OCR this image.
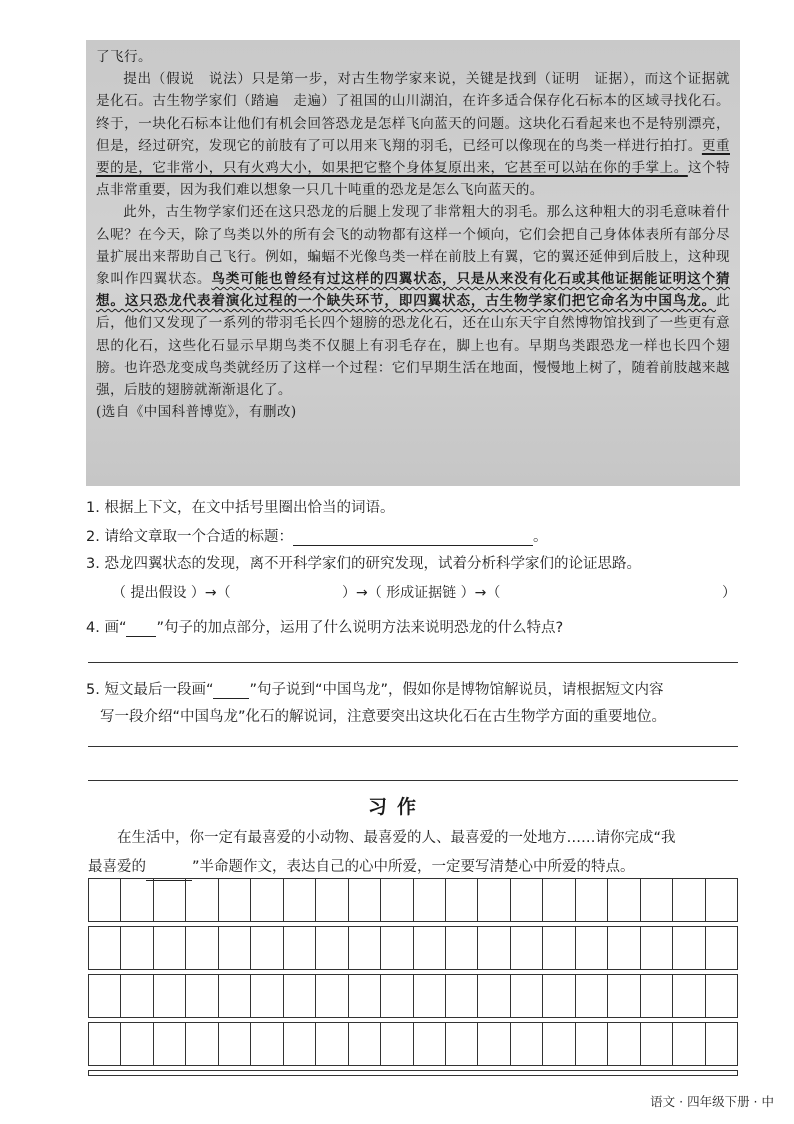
了飞行。

提出（假说　说法）只是第一步，对古生物学家来说，关键是找到（证明　证据），而这个证据就是化石。古生物学家们（踏遍　走遍）了祖国的山川湖泊，在许多适合保存化石标本的区域寻找化石。终于，一块化石标本让他们有机会回答恐龙是怎样飞向蓝天的问题。这块化石看起来也不是特别漂亮，但是，经过研究，发现它的前肢有了可以用来飞翔的羽毛，已经可以像现在的鸟类一样进行拍打。更重要的是，它非常小，只有火鸡大小，如果把它整个身体复原出来，它甚至可以站在你的手掌上。这个特点非常重要，因为我们难以想象一只几十吨重的恐龙是怎么飞向蓝天的。

此外，古生物学家们还在这只恐龙的后腿上发现了非常粗大的羽毛。那么这种粗大的羽毛意味着什么呢？在今天，除了鸟类以外的所有会飞的动物都有这样一个倾向，它们会把自己身体体表所有部分尽量扩展出来帮助自己飞行。例如，蝙蝠不光像鸟类一样在前肢上有翼，它的翼还延伸到后肢上，这种现象叫作四翼状态。鸟类可能也曾经有过这样的四翼状态，只是从来没有化石或其他证据能证明这个猜想。这只恐龙代表着演化过程的一个缺失环节，即四翼状态，古生物学家们把它命名为中国鸟龙。此后，他们又发现了一系列的带羽毛长四个翅膀的恐龙化石，还在山东天宇自然博物馆找到了一些更有意思的化石，这些化石显示早期鸟类不仅腿上有羽毛存在，脚上也有。早期鸟类跟恐龙一样也长四个翅膀。也许恐龙变成鸟类就经历了这样一个过程：它们早期生活在地面，慢慢地上树了，随着前肢越来越强，后肢的翅膀就渐渐退化了。

(选自《中国科普博览》，有删改)

1. 根据上下文，在文中括号里圈出恰当的词语。
2. 请给文章取一个合适的标题：	。
3. 恐龙四翼状态的发现，离不开科学家们的研究发现，试着分析科学家们的论证思路。
（ 提出假设 ）→（	）→（ 形成证据链 ）→（	）
4. 画“ ”句子的加点部分，运用了什么说明方法来说明恐龙的什么特点?
5. 短文最后一段画“ ”句子说到“中国鸟龙”，假如你是博物馆解说员，请根据短文内容
写一段介绍“中国鸟龙”化石的解说词，注意要突出这块化石在古生物学方面的重要地位。
习作
在生活中，你一定有最喜爱的小动物、最喜爱的人、最喜爱的一处地方……请你完成“我
最喜爱的	”半命题作文，表达自己的心中所爱，一定要写清楚心中所爱的特点。
语文 · 四年级下册 · 中
